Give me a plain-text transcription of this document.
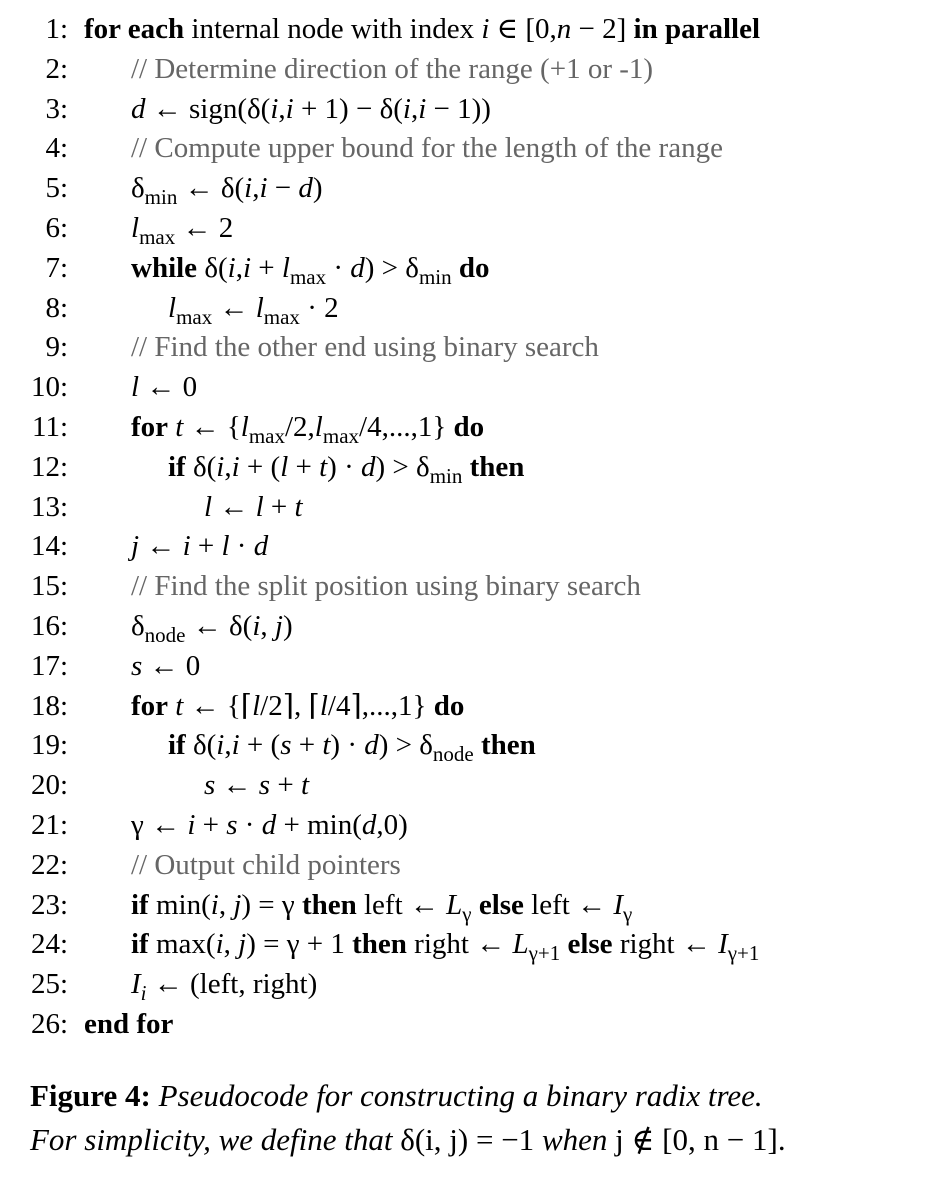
1: for each internal node with index i ∈ [0,n − 2] in parallel
2: // Determine direction of the range (+1 or -1)
3: d ← sign(δ(i,i + 1) − δ(i,i − 1))
4: // Compute upper bound for the length of the range
5: $\delta_{min}$ ← δ(i,i − d)
6: $l_{max}$ ← 2
7: while $\delta(i,i + l_{max} \cdot d) > \delta_{min}$ do
8:	$l_{max}$ ← $l_{max} \cdot 2$
9: // Find the other end using binary search
10: l ← 0
11: for t ← $\{l_{max}/2,l_{max}/4,...,1\}$ do
12:	if $\delta(i,i + (l + t) \cdot d) > \delta_{min}$ then
13:	l ← l + t
14: j ← i + l · d
15: // Find the split position using binary search
16: $\delta_{node}$ ← δ(i, j)
17: s ← 0
18: for t ← {⌈l/2⌉, ⌈l/4⌉,...,1} do
19:	if $\delta(i,i + (s + t) \cdot d) > \delta_{node}$ then
20:	s ← s + t
21: γ ← i + s · d + min(d,0)
22: // Output child pointers
23: if min(i, j) = γ then left ← $L_\gamma$ else left ← $I_\gamma$
24: if max(i, j) = γ + 1 then right ← $L_{\gamma+1}$ else right ← $I_{\gamma+1}$
25: $I_i$ ← (left, right)
26: end for
Figure 4: Pseudocode for constructing a binary radix tree.
For simplicity, we define that δ(i, j) = −1 when j ∉ [0, n − 1].
